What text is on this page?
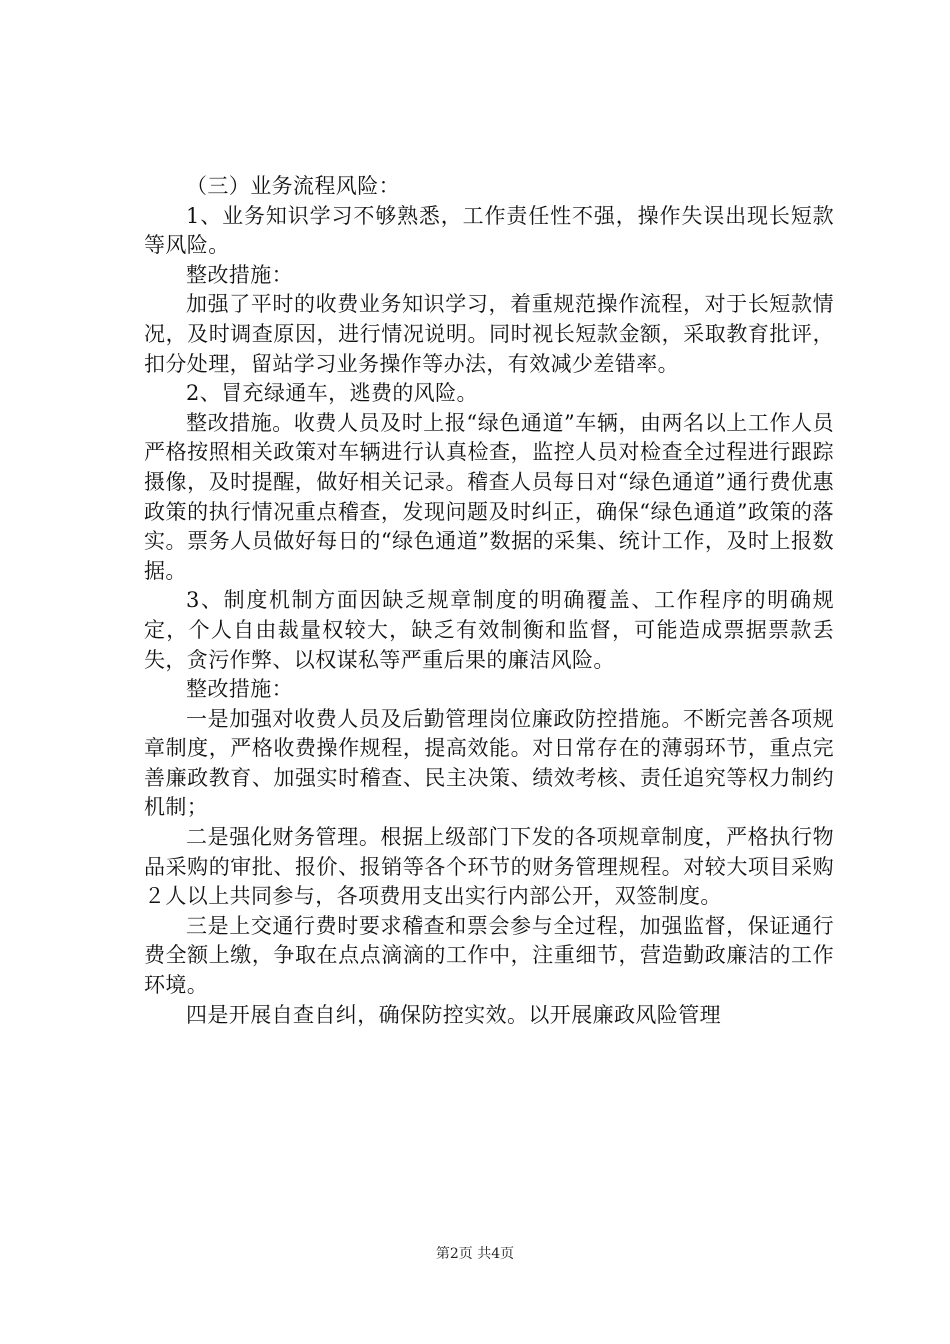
（三）业务流程风险：

1、业务知识学习不够熟悉，工作责任性不强，操作失误出现长短款等风险。

整改措施：

加强了平时的收费业务知识学习，着重规范操作流程，对于长短款情况，及时调查原因，进行情况说明。同时视长短款金额，采取教育批评，扣分处理，留站学习业务操作等办法，有效减少差错率。

2、冒充绿通车，逃费的风险。

整改措施。收费人员及时上报“绿色通道”车辆，由两名以上工作人员严格按照相关政策对车辆进行认真检查，监控人员对检查全过程进行跟踪摄像，及时提醒，做好相关记录。稽查人员每日对“绿色通道”通行费优惠政策的执行情况重点稽查，发现问题及时纠正，确保“绿色通道”政策的落实。票务人员做好每日的“绿色通道”数据的采集、统计工作，及时上报数据。

3、制度机制方面因缺乏规章制度的明确覆盖、工作程序的明确规定，个人自由裁量权较大，缺乏有效制衡和监督，可能造成票据票款丢失，贪污作弊、以权谋私等严重后果的廉洁风险。

整改措施：

一是加强对收费人员及后勤管理岗位廉政防控措施。不断完善各项规章制度，严格收费操作规程，提高效能。对日常存在的薄弱环节，重点完善廉政教育、加强实时稽查、民主决策、绩效考核、责任追究等权力制约机制；

二是强化财务管理。根据上级部门下发的各项规章制度，严格执行物品采购的审批、报价、报销等各个环节的财务管理规程。对较大项目采购２人以上共同参与，各项费用支出实行内部公开，双签制度。

三是上交通行费时要求稽查和票会参与全过程，加强监督，保证通行费全额上缴，争取在点点滴滴的工作中，注重细节，营造勤政廉洁的工作环境。

四是开展自查自纠，确保防控实效。以开展廉政风险管理

第2页 共4页
